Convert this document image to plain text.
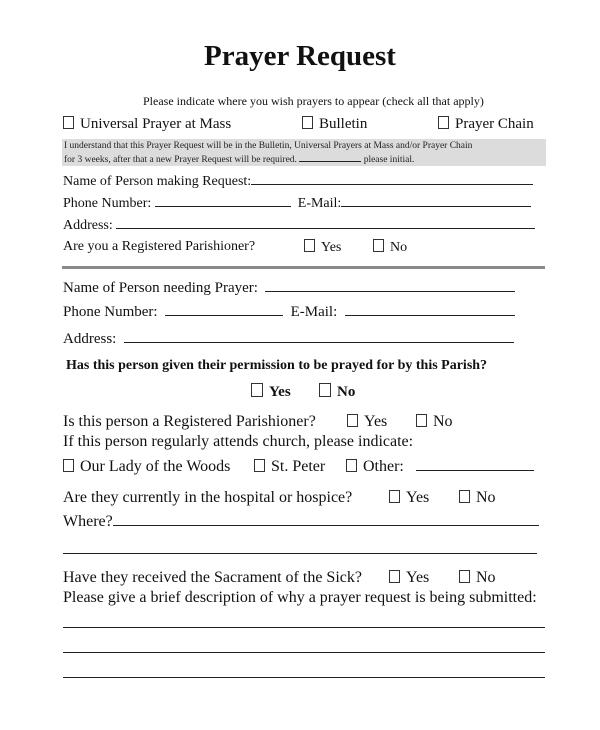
Prayer Request
Please indicate where you wish prayers to appear (check all that apply)
Universal Prayer at Mass	Bulletin	Prayer Chain
I understand that this Prayer Request will be in the Bulletin, Universal Prayers at Mass and/or Prayer Chain
for 3 weeks, after that a new Prayer Request will be required.	please initial.
Name of Person making Request:
Phone Number:	E-Mail:
Address:
Are you a Registered Parishioner?	Yes	No
Name of Person needing Prayer:
Phone Number:	E-Mail:
Address:
Has this person given their permission to be prayed for by this Parish?
Yes	No
Is this person a Registered Parishioner?	Yes	No
If this person regularly attends church, please indicate:
Our Lady of the Woods	St. Peter	Other:
Are they currently in the hospital or hospice?	Yes	No
Where?
Have they received the Sacrament of the Sick?	Yes	No
Please give a brief description of why a prayer request is being submitted:
